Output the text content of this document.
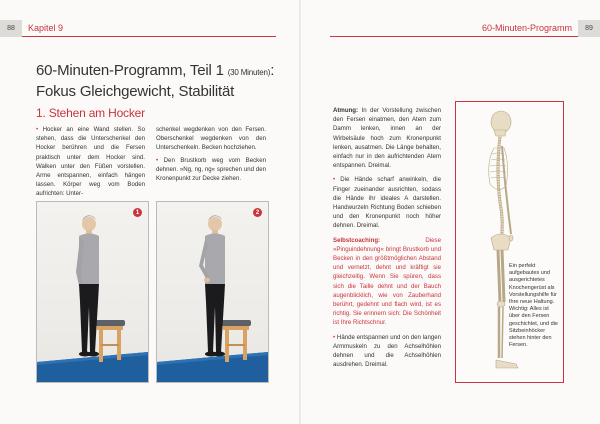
88	Kapitel 9	60-Minuten-Programm	89
60-Minuten-Programm, Teil 1 (30 Minuten):
Fokus Gleichgewicht, Stabilität
1. Stehen am Hocker
• Hocker an eine Wand stellen. So stehen, dass die Unterschenkel den Hocker berühren und die Fersen praktisch unter dem Hocker sind. Walken unter den Füßen vorstellen. Arme entspannen, einfach hängen lassen. Körper weg vom Boden aufrichten: Unter-

schenkel wegdenken von den Fersen. Oberschenkel wegdenken von den Unterschenkeln. Becken hochziehen.

• Den Brustkorb weg vom Becken dehnen. »Ng, ng, ng« sprechen und den Kronenpunkt zur Decke ziehen.

1	2

Atmung: In der Vorstellung zwischen den Fersen einatmen, den Atem zum Damm lenken, innen an der Wirbelsäule hoch zum Kronenpunkt lenken, ausatmen. Die Länge behalten, einfach nur in den aufrichtenden Atem entspannen. Dreimal.

• Die Hände scharf anwinkeln, die Finger zueinander ausrichten, sodass die Hände ihr ideales A darstellen. Handwurzeln Richtung Boden schieben und den Kronenpunkt noch höher dehnen. Dreimal.

Selbstcoaching:	Diese »Pinguindehnung« bringt Brustkorb und Becken in den größtmöglichen Abstand und vernetzt, dehnt und kräftigt sie gleichzeitig. Wenn Sie spüren, dass sich die Taille dehnt und der Bauch augenblicklich, wie von Zauberhand berührt, gedehnt und flach wird, ist es richtig. Sie erinnern sich: Die Schönheit ist Ihre Richtschnur.

• Hände entspannen und on den langen Armmuskeln zu den Achselhöhlen dehnen und die Achselhöhlen ausdrehen. Dreimal.

Ein perfekt aufgebautes und ausgerichtetes Knochengerüst als Vorstellungshilfe für Ihre neue Haltung. Wichtig: Alles ist über den Fersen geschichtet, und die Sitzbeinhöcker stehen hinter den Fersen.
